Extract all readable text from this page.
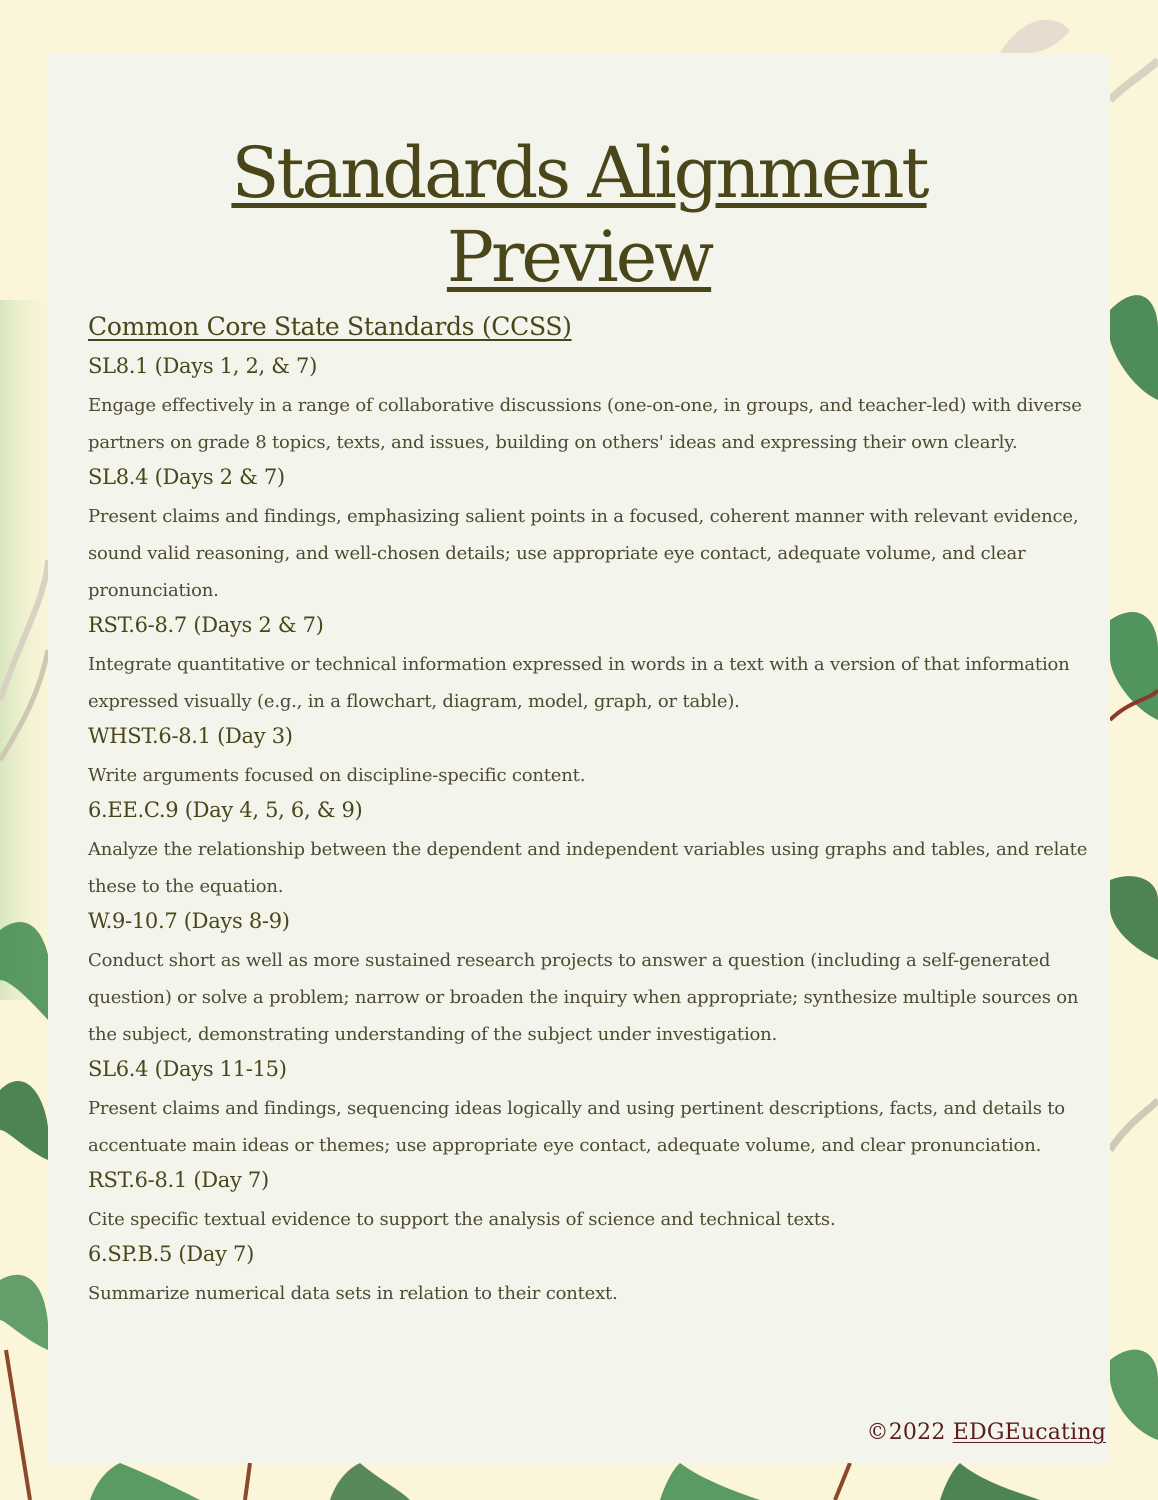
Standards Alignment
Preview
Common Core State Standards (CCSS)
SL8.1 (Days 1, 2, & 7)
Engage effectively in a range of collaborative discussions (one-on-one, in groups, and teacher-led) with diverse partners on grade 8 topics, texts, and issues, building on others' ideas and expressing their own clearly.
SL8.4 (Days 2 & 7)
Present claims and findings, emphasizing salient points in a focused, coherent manner with relevant evidence, sound valid reasoning, and well-chosen details; use appropriate eye contact, adequate volume, and clear pronunciation.
RST.6-8.7 (Days 2 & 7)
Integrate quantitative or technical information expressed in words in a text with a version of that information expressed visually (e.g., in a flowchart, diagram, model, graph, or table).
WHST.6-8.1 (Day 3)
Write arguments focused on discipline-specific content.
6.EE.C.9 (Day 4, 5, 6, & 9)
Analyze the relationship between the dependent and independent variables using graphs and tables, and relate these to the equation.
W.9-10.7 (Days 8-9)
Conduct short as well as more sustained research projects to answer a question (including a self-generated question) or solve a problem; narrow or broaden the inquiry when appropriate; synthesize multiple sources on the subject, demonstrating understanding of the subject under investigation.
SL6.4 (Days 11-15)
Present claims and findings, sequencing ideas logically and using pertinent descriptions, facts, and details to accentuate main ideas or themes; use appropriate eye contact, adequate volume, and clear pronunciation.
RST.6-8.1 (Day 7)
Cite specific textual evidence to support the analysis of science and technical texts.
6.SP.B.5 (Day 7)
Summarize numerical data sets in relation to their context.
©2022 EDGEucating
